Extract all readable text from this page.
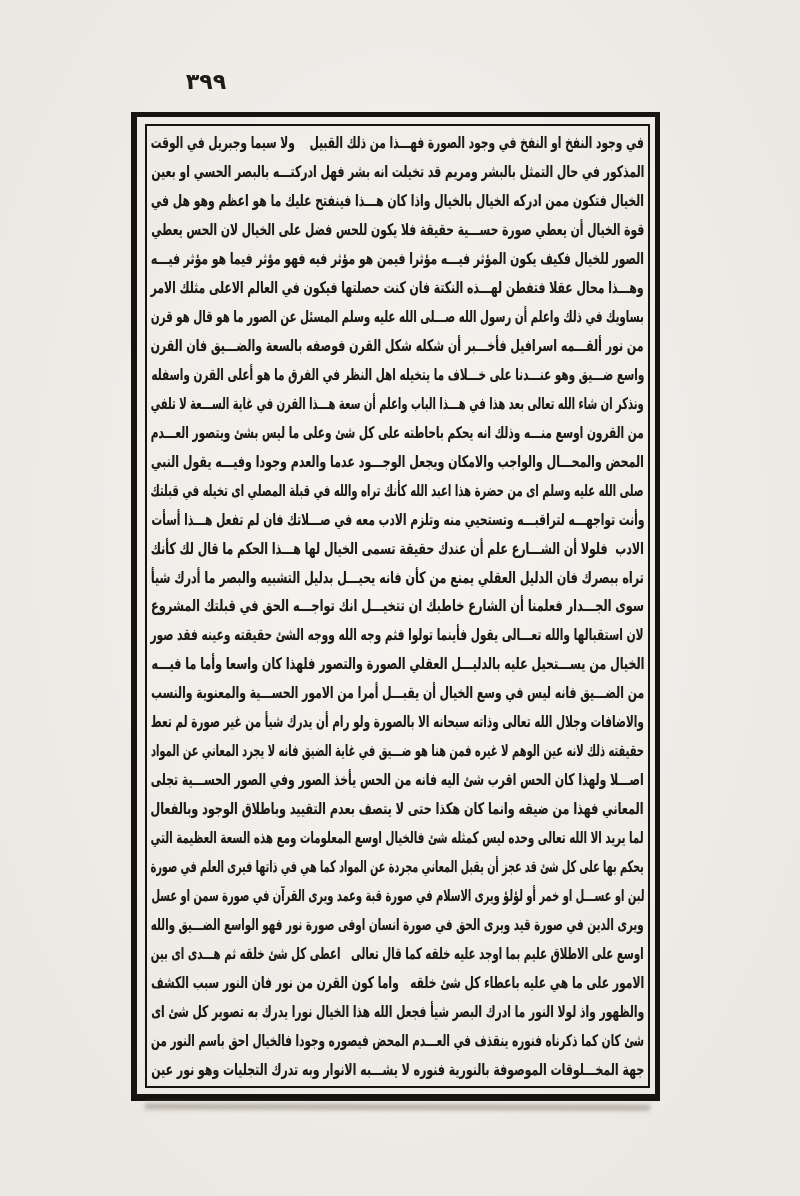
٣٩٩
في وجود النفخ او النفخ في وجود الصورة فهـــذا من ذلك القبيل    ولا سيما وجبريل في الوقت
المذكور في حال التمثل بالبشر ومريم قد تخيلت انه بشر فهل ادركتـــه بالبصر الحسي او بعين
الخيال فتكون ممن ادركه الخيال بالخيال واذا كان هـــذا فينفتح عليك ما هو اعظم وهو هل في
قوة الخيال أن يعطي صورة حســـية حقيقة فلا يكون للحس فضل على الخيال لان الحس يعطي
الصور للخيال فكيف يكون المؤثر فيـــه مؤثرا فيمن هو مؤثر فيه فهو مؤثر فيما هو مؤثر فيـــه
وهـــذا محال عقلا فتفطن لهـــذه النكتة فان كنت حصلتها فيكون في العالم الاعلى مثلك الامر
بساويك في ذلك واعلم أن رسول الله صـــلى الله عليه وسلم المسئل عن الصور ما هو قال هو قرن
من نور ألقـــمه اسرافيل فأخـــبر أن شكله شكل القرن فوصفه بالسعة والضـــيق فان القرن
واسع ضـــيق وهو عنـــدنا على خـــلاف ما يتخيله اهل النظر في الفرق ما هو أعلى القرن واسفله
ونذكر ان شاء الله تعالى بعد هذا في هـــذا الباب واعلم أن سعة هـــذا القرن في غاية الســـعة لا تلفي
من القرون اوسع منـــه وذلك انه يحكم باحاطته على كل شئ وعلى ما ليس بشئ ويتصور العـــدم
المحض والمحـــال والواجب والامكان ويجعل الوجـــود عدما والعدم وجودا وفيـــه يقول النبي
صلى الله عليه وسلم اى من حضرة هذا اعبد الله كأنك تراه والله في قبلة المصلي اى تخيله في قبلتك
وأنت تواجهـــه لتراقبـــه وتستحيي منه وتلزم الادب معه في صـــلاتك فان لم تفعل هـــذا أسأت
الادب  فلولا أن الشـــارع علم أن عندك حقيقة تسمى الخيال لها هـــذا الحكم ما قال لك كأنك
تراه ببصرك فان الدليل العقلي يمنع من كأن فانه يحيـــل بدليل التشبيه والبصر ما أدرك شيأ
سوى الجـــدار فعلمنا أن الشارع خاطبك ان تتخيـــل انك تواجـــه الحق في قبلتك المشروع
لان استقبالها والله تعـــالى يقول فأينما تولوا فثم وجه الله ووجه الشئ حقيقته وعينه فقد صور
الخيال من يســـتحيل عليه بالدليـــل العقلي الصورة والتصور فلهذا كان واسعا وأما ما فيـــه
من الضـــيق فانه ليس في وسع الخيال أن يقبـــل أمرا من الامور الحســـية والمعنوية والنسب
والاضافات وجلال الله تعالى وذاته سبحانه الا بالصورة ولو رام أن يدرك شيأ من غير صورة لم تعط
حقيقته ذلك لانه عين الوهم لا غيره فمن هنا هو ضـــيق في غاية الضيق فانه لا يجرد المعاني عن المواد
اصـــلا ولهذا كان الحس اقرب شئ اليه فانه من الحس يأخذ الصور وفي الصور الحســـية تجلى
المعاني فهذا من ضيقه وانما كان هكذا حتى لا يتصف بعدم التقييد وباطلاق الوجود وبالفعال
لما يريد الا الله تعالى وحده ليس كمثله شئ فالخيال اوسع المعلومات ومع هذه السعة العظيمة التي
يحكم بها على كل شئ قد عجز أن يقبل المعاني مجردة عن المواد كما هي في ذاتها فيرى العلم في صورة
لبن او عســـل او خمر أو لؤلؤ ويرى الاسلام في صورة قبة وعمد ويرى القرآن في صورة سمن او عسل
ويرى الدين في صورة قيد ويرى الحق في صورة انسان اوفى صورة نور فهو الواسع الضـــيق والله
اوسع على الاطلاق عليم بما اوجد عليه خلقه كما قال تعالى   اعطى كل شئ خلقه ثم هـــدى اى بين
الامور على ما هي عليه باعطاء كل شئ خلقه   واما كون القرن من نور فان النور سبب الكشف
والظهور واذ لولا النور ما ادرك البصر شيأ فجعل الله هذا الخيال نورا يدرك به تصوير كل شئ اى
شئ كان كما ذكرناه فنوره ينقذف في العـــدم المحض فيصوره وجودا فالخيال احق باسم النور من
جهة المخـــلوقات الموصوفة بالنورية فنوره لا يشـــبه الانوار وبه تدرك التجليات وهو نور عين
